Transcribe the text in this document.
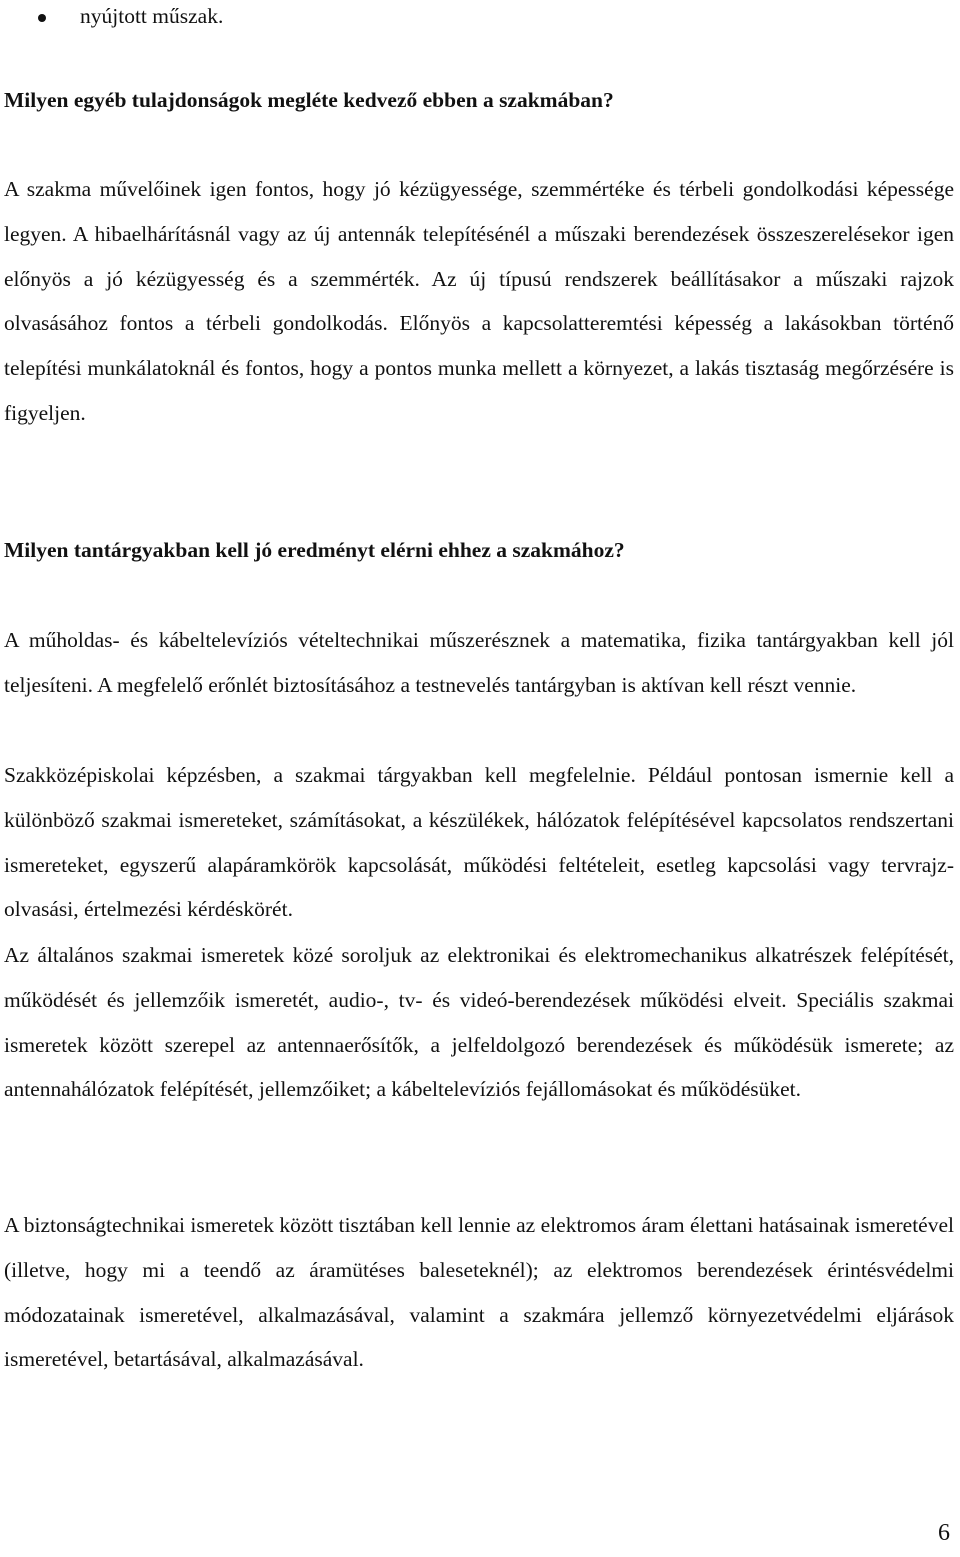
nyújtott műszak.
Milyen egyéb tulajdonságok megléte kedvező ebben a szakmában?

A szakma művelőinek igen fontos, hogy jó kézügyessége, szemmértéke és térbeli gondolkodási képessége legyen. A hibaelhárításnál vagy az új antennák telepítésénél a műszaki berendezések összeszerelésekor igen előnyös a jó kézügyesség és a szemmérték. Az új típusú rendszerek beállításakor a műszaki rajzok olvasásához fontos a térbeli gondolkodás. Előnyös a kapcsolatteremtési képesség a lakásokban történő telepítési munkálatoknál és fontos, hogy a pontos munka mellett a környezet, a lakás tisztaság megőrzésére is figyeljen.

Milyen tantárgyakban kell jó eredményt elérni ehhez a szakmához?

A műholdas- és kábeltelevíziós vételtechnikai műszerésznek a matematika, fizika tantárgyakban kell jól teljesíteni. A megfelelő erőnlét biztosításához a testnevelés tantárgyban is aktívan kell részt vennie.

Szakközépiskolai képzésben, a szakmai tárgyakban kell megfelelnie. Például pontosan ismernie kell a különböző szakmai ismereteket, számításokat, a készülékek, hálózatok felépítésével kapcsolatos rendszertani ismereteket, egyszerű alapáramkörök kapcsolását, működési feltételeit, esetleg kapcsolási vagy tervrajz-olvasási, értelmezési kérdéskörét.

Az általános szakmai ismeretek közé soroljuk az elektronikai és elektromechanikus alkatrészek felépítését, működését és jellemzőik ismeretét, audio-, tv- és videó-berendezések működési elveit. Speciális szakmai ismeretek között szerepel az antennaerősítők, a jelfeldolgozó berendezések és működésük ismerete; az antennahálózatok felépítését, jellemzőiket; a kábeltelevíziós fejállomásokat és működésüket.

A biztonságtechnikai ismeretek között tisztában kell lennie az elektromos áram élettani hatásainak ismeretével (illetve, hogy mi a teendő az áramütéses baleseteknél); az elektromos berendezések érintésvédelmi módozatainak ismeretével, alkalmazásával, valamint a szakmára jellemző környezetvédelmi eljárások ismeretével, betartásával, alkalmazásával.

6
